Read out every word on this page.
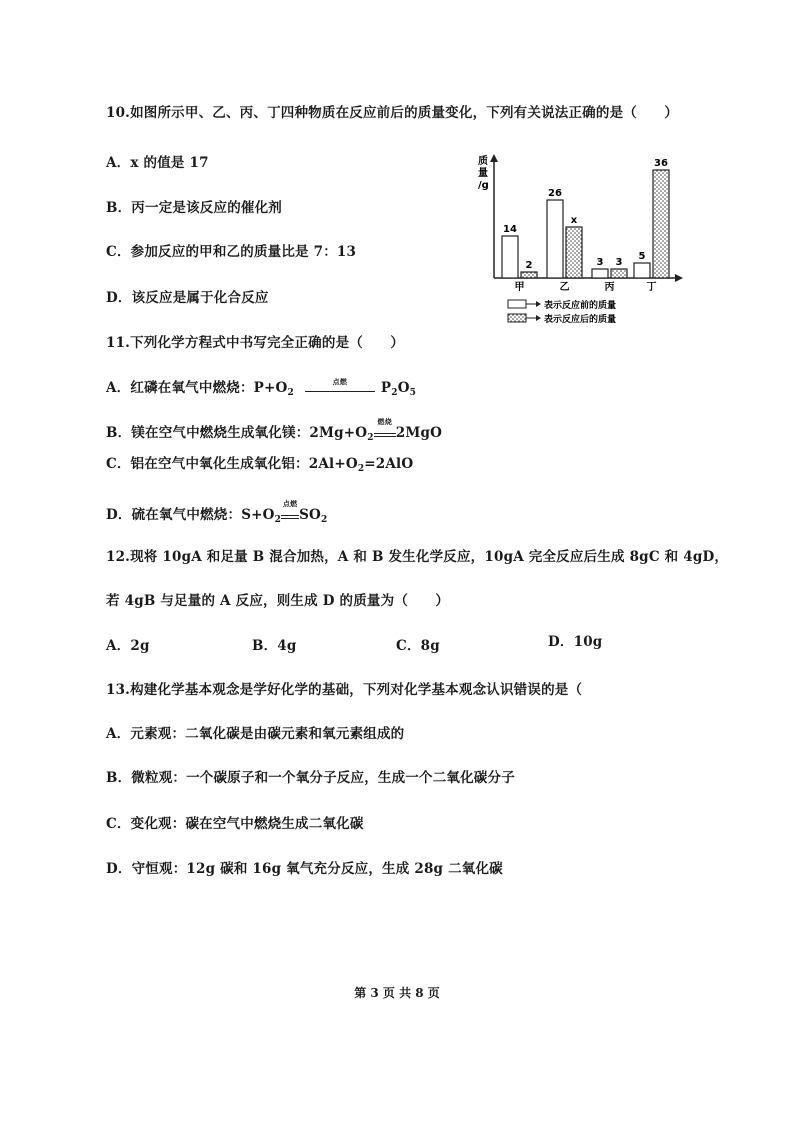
10.如图所示甲、乙、丙、丁四种物质在反应前后的质量变化，下列有关说法正确的是（　　）
A．x 的值是 17
B．丙一定是该反应的催化剂
C．参加反应的甲和乙的质量比是 7：13
D．该反应是属于化合反应
质
量
/g
14
2
甲
26
x
乙
3 3
丙
5
36
丁
表示反应前的质量
表示反应后的质量
11.下列化学方程式中书写完全正确的是（　　）
A．红磷在氧气中燃烧：$P+O_2$
点燃	$P_2O_5$
B．镁在空气中燃烧生成氧化镁：$2Mg+O_2$
燃烧
2MgO
C．铝在空气中氧化生成氧化铝：$2Al+O_2=2AlO$
D．硫在氧气中燃烧：$S+O_2$
点燃
$SO_2$
12.现将 10gA 和足量 B 混合加热，A 和 B 发生化学反应，10gA 完全反应后生成 8gC 和 4gD，
若 4gB 与足量的 A 反应，则生成 D 的质量为（　　）
A．2g	B．4g	C．8g	D．10g
13.构建化学基本观念是学好化学的基础，下列对化学基本观念认识错误的是（
A．元素观：二氧化碳是由碳元素和氧元素组成的
B．微粒观：一个碳原子和一个氧分子反应，生成一个二氧化碳分子
C．变化观：碳在空气中燃烧生成二氧化碳
D．守恒观：12g 碳和 16g 氧气充分反应，生成 28g 二氧化碳
第 3 页 共 8 页
